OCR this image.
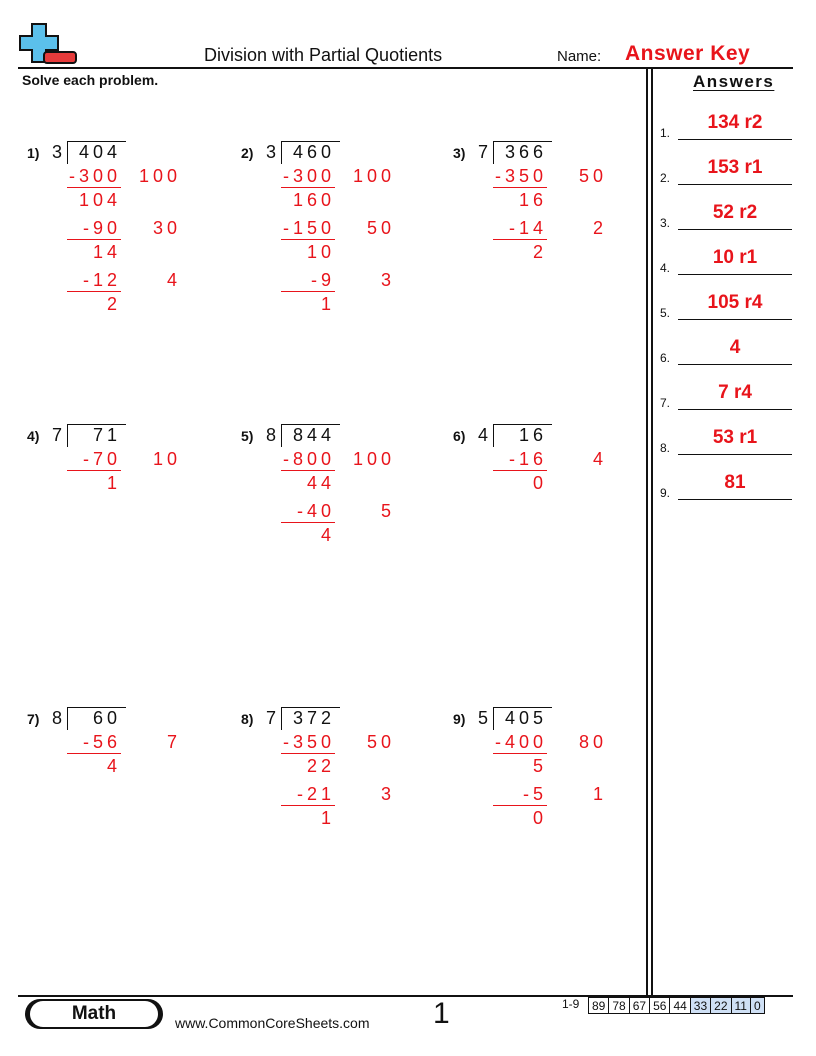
Division with Partial Quotients	Name: Answer Key
Solve each problem.	Answers
1.	134 r2
2.	153 r1
3.	52 r2
4.	10 r1
5.	105 r4
6.	4
7.	7 r4
8.	53 r1
9.	81
1) 3 404
-300 100
104
-90	30
14
-12	4
2
2) 3 460
-300 100
160
-150	50
10
-9	3
1
3) 7 366
-350	50
16
-14	2
2
4) 7	71
-70	10
1
5) 8 844
-800 100
44
-40	5
4
6) 4	16
-16	4
0
7) 8	60
-56	7
4
8) 7 372
-350	50
22
-21	3
1
9) 5 405
-400	80
5
-5	1
0
Math	www.CommonCoreSheets.com 1	1-9 89	78	67	56	44	33	22	11	0
